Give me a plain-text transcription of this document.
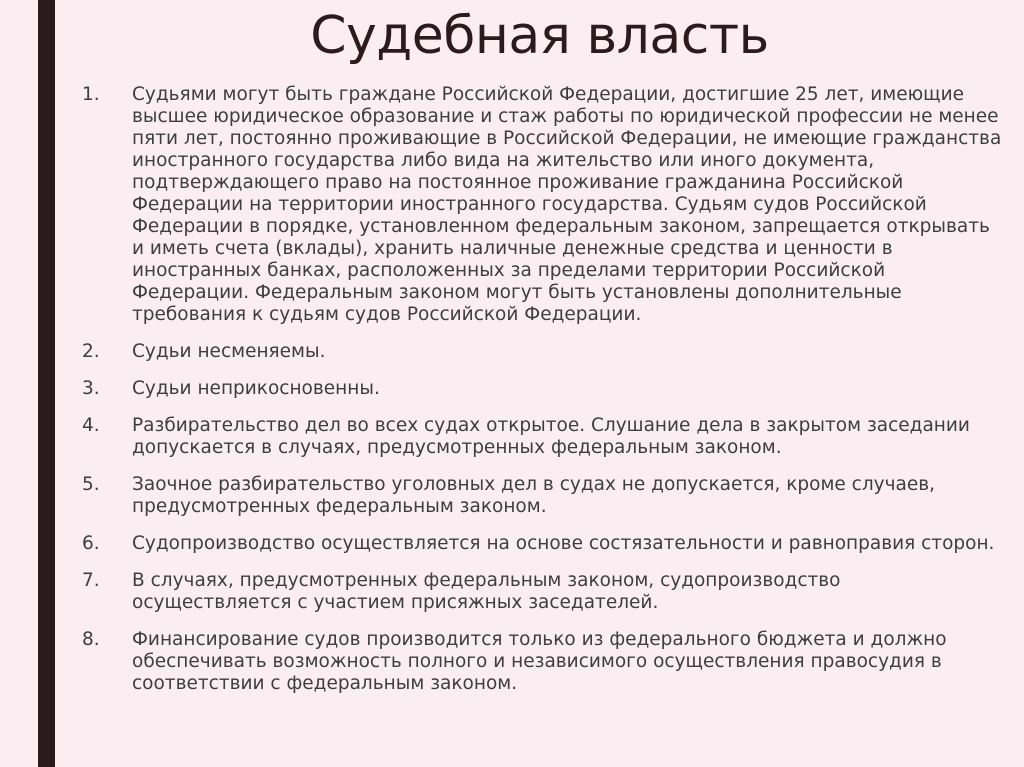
Судебная власть
1.	Судьями могут быть граждане Российской Федерации, достигшие 25 лет, имеющие высшее юридическое образование и стаж работы по юридической профессии не менее пяти лет, постоянно проживающие в Российской Федерации, не имеющие гражданства иностранного государства либо вида на жительство или иного документа, подтверждающего право на постоянное проживание гражданина Российской Федерации на территории иностранного государства. Судьям судов Российской Федерации в порядке, установленном федеральным законом, запрещается открывать и иметь счета (вклады), хранить наличные денежные средства и ценности в иностранных банках, расположенных за пределами территории Российской Федерации. Федеральным законом могут быть установлены дополнительные требования к судьям судов Российской Федерации.
2.	Судьи несменяемы.
3.	Судьи неприкосновенны.
4.	Разбирательство дел во всех судах открытое. Слушание дела в закрытом заседании допускается в случаях, предусмотренных федеральным законом.
5.	Заочное разбирательство уголовных дел в судах не допускается, кроме случаев, предусмотренных федеральным законом.
6.	Судопроизводство осуществляется на основе состязательности и равноправия сторон.
7.	В случаях, предусмотренных федеральным законом, судопроизводство осуществляется с участием присяжных заседателей.
8.	Финансирование судов производится только из федерального бюджета и должно обеспечивать возможность полного и независимого осуществления правосудия в соответствии с федеральным законом.
